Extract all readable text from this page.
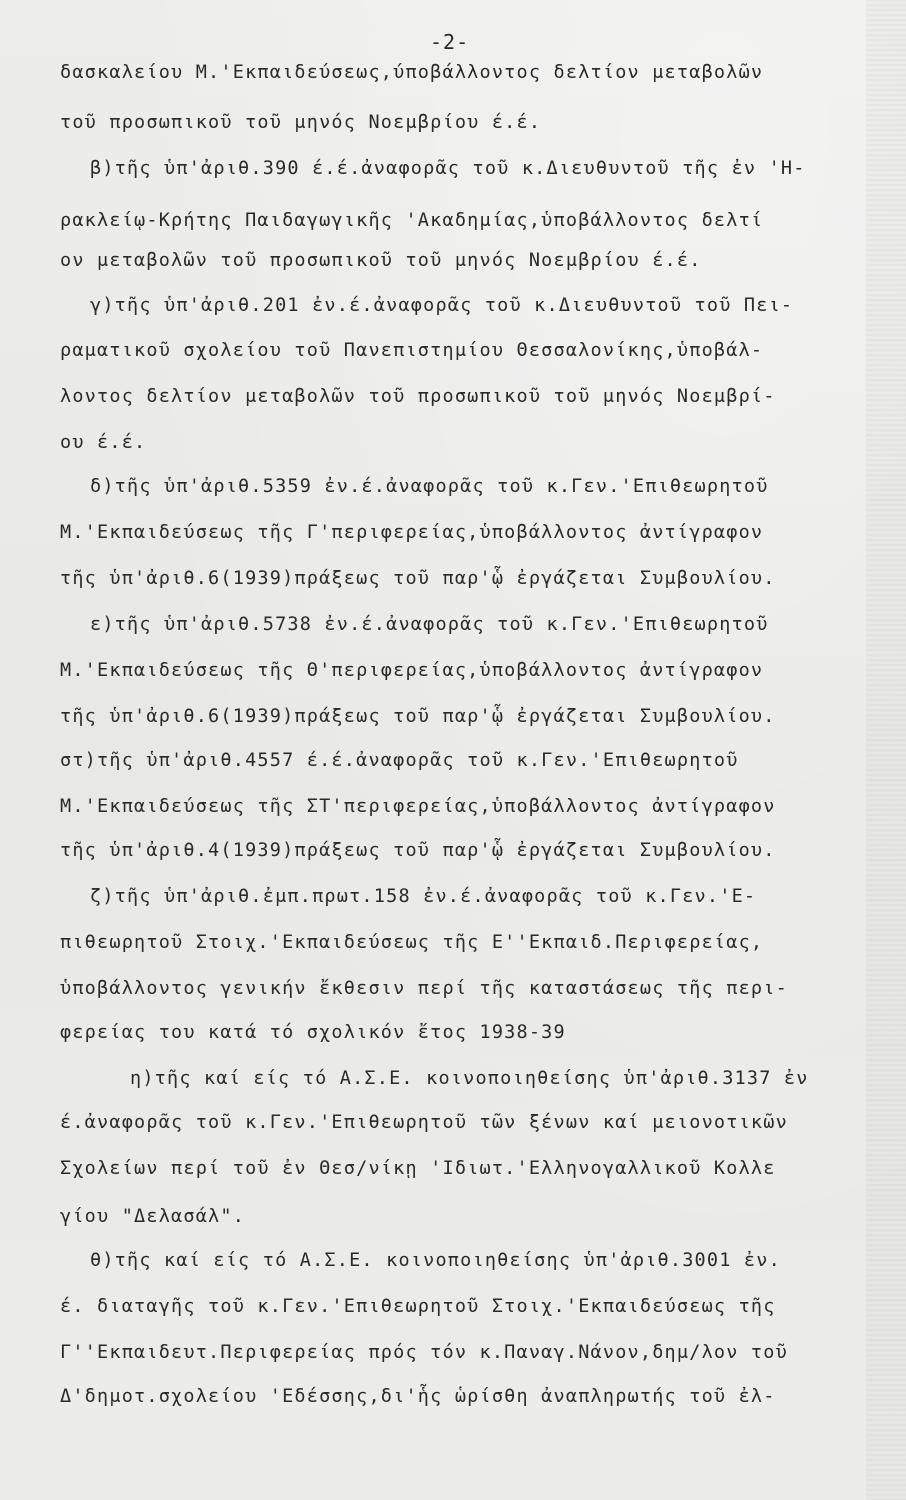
-2-
δασκαλείου Μ.'Εκπαιδεύσεως,ύποβάλλοντος δελτίον μεταβολῶν
τοῦ προσωπικοῦ τοῦ μηνός Νοεμβρίου έ.έ.
β)τῆς ὑπ'ἀριθ.390 έ.έ.ἀναφορᾶς τοῦ κ.Διευθυντοῦ τῆς ἐν 'Η-
ρακλείῳ-Κρήτης Παιδαγωγικῆς 'Ακαδημίας,ὑποβάλλοντος δελτί
ον μεταβολῶν τοῦ προσωπικοῦ τοῦ μηνός Νοεμβρίου έ.έ.
γ)τῆς ὑπ'ἀριθ.201 ἐν.έ.ἀναφορᾶς τοῦ κ.Διευθυντοῦ τοῦ Πει-
ραματικοῦ σχολείου τοῦ Πανεπιστημίου Θεσσαλονίκης,ὑποβάλ-
λοντος δελτίον μεταβολῶν τοῦ προσωπικοῦ τοῦ μηνός Νοεμβρί-
ου έ.έ.
δ)τῆς ὑπ'ἀριθ.5359 ἐν.έ.ἀναφορᾶς τοῦ κ.Γεν.'Επιθεωρητοῦ
Μ.'Εκπαιδεύσεως τῆς Γ'περιφερείας,ὑποβάλλοντος ἀντίγραφον
τῆς ὑπ'ἀριθ.6(1939)πράξεως τοῦ παρ'ᾧ ἐργάζεται Συμβουλίου.
ε)τῆς ὑπ'ἀριθ.5738 ἐν.έ.ἀναφορᾶς τοῦ κ.Γεν.'Επιθεωρητοῦ
Μ.'Εκπαιδεύσεως τῆς Θ'περιφερείας,ὑποβάλλοντος ἀντίγραφον
τῆς ὑπ'ἀριθ.6(1939)πράξεως τοῦ παρ'ᾧ ἐργάζεται Συμβουλίου.
στ)τῆς ὑπ'ἀριθ.4557 έ.έ.ἀναφορᾶς τοῦ κ.Γεν.'Επιθεωρητοῦ
Μ.'Εκπαιδεύσεως τῆς ΣΤ'περιφερείας,ὑποβάλλοντος ἀντίγραφον
τῆς ὑπ'ἀριθ.4(1939)πράξεως τοῦ παρ'ᾧ ἐργάζεται Συμβουλίου.
ζ)τῆς ὑπ'ἀριθ.ἐμπ.πρωτ.158 ἐν.έ.ἀναφορᾶς τοῦ κ.Γεν.'Ε-
πιθεωρητοῦ Στοιχ.'Εκπαιδεύσεως τῆς Ε''Εκπαιδ.Περιφερείας,
ὑποβάλλοντος γενικήν ἔκθεσιν περί τῆς καταστάσεως τῆς περι-
φερείας του κατά τό σχολικόν ἔτος 1938-39
η)τῆς καί είς τό Α.Σ.Ε. κοινοποιηθείσης ὑπ'ἀριθ.3137 ἐν
έ.ἀναφορᾶς τοῦ κ.Γεν.'Επιθεωρητοῦ τῶν ξένων καί μειονοτικῶν
Σχολείων περί τοῦ ἐν Θεσ/νίκῃ 'Ιδιωτ.'Ελληνογαλλικοῦ Κολλε
γίου "Δελασάλ".
θ)τῆς καί είς τό Α.Σ.Ε. κοινοποιηθείσης ὑπ'ἀριθ.3001 ἐν.
έ. διαταγῆς τοῦ κ.Γεν.'Επιθεωρητοῦ Στοιχ.'Εκπαιδεύσεως τῆς
Γ''Εκπαιδευτ.Περιφερείας πρός τόν κ.Παναγ.Νάνον,δημ/λον τοῦ
Δ'δημοτ.σχολείου 'Εδέσσης,δι'ἧς ὡρίσθη ἀναπληρωτής τοῦ ἐλ-
